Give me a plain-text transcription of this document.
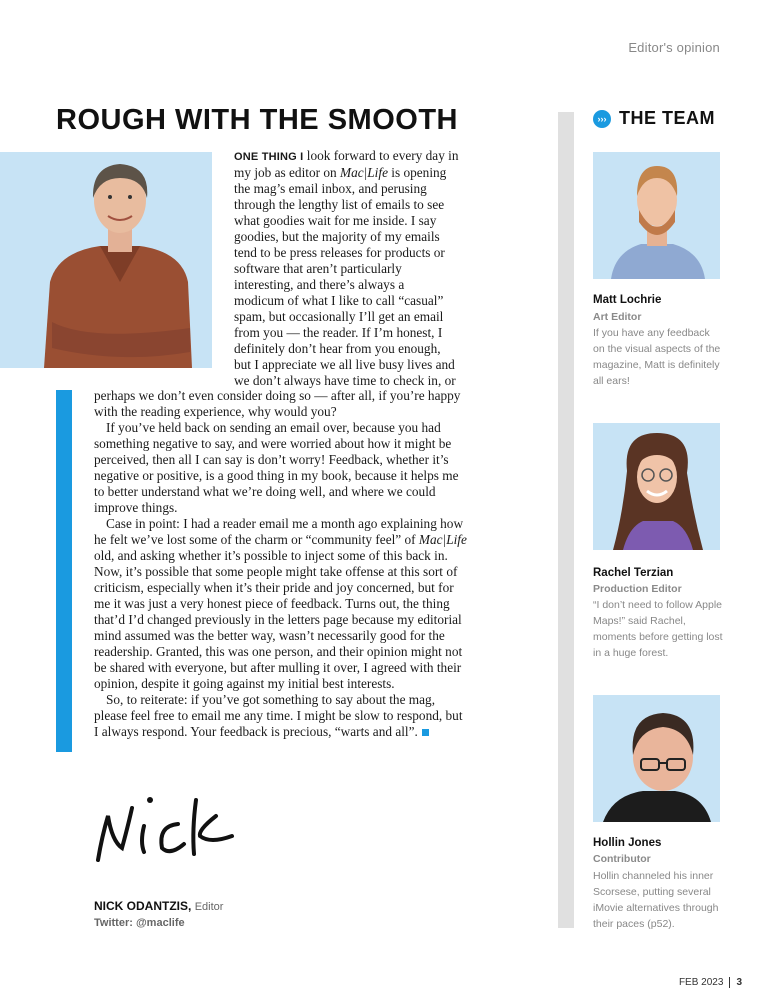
Editor's opinion
ROUGH WITH THE SMOOTH
ONE THING I look forward to every day in
my job as editor on Mac|Life is opening
the mag’s email inbox, and perusing
through the lengthy list of emails to see
what goodies wait for me inside. I say
goodies, but the majority of my emails
tend to be press releases for products or
software that aren’t particularly
interesting, and there’s always a
modicum of what I like to call “casual”
spam, but occasionally I’ll get an email
from you — the reader. If I’m honest, I
definitely don’t hear from you enough,
but I appreciate we all live busy lives and
we don’t always have time to check in, or

perhaps we don’t even consider doing so — after all, if you’re happy with the reading experience, why would you?

If you’ve held back on sending an email over, because you had something negative to say, and were worried about how it might be perceived, then all I can say is don’t worry! Feedback, whether it’s negative or positive, is a good thing in my book, because it helps me to better understand what we’re doing well, and where we could improve things.

Case in point: I had a reader email me a month ago explaining how he felt we’ve lost some of the charm or “community feel” of Mac|Life old, and asking whether it’s possible to inject some of this back in. Now, it’s possible that some people might take offense at this sort of criticism, especially when it’s their pride and joy concerned, but for me it was just a very honest piece of feedback. Turns out, the thing that’d I’d changed previously in the letters page because my editorial mind assumed was the better way, wasn’t necessarily good for the readership. Granted, this was one person, and their opinion might not be shared with everyone, but after mulling it over, I agreed with their opinion, despite it going against my initial best interests.

So, to reiterate: if you’ve got something to say about the mag, please feel free to email me any time. I might be slow to respond, but I always respond. Your feedback is precious, “warts and all”.

NICK ODANTZIS, Editor
Twitter: @maclife
››› THE TEAM
Matt Lochrie
Art Editor
If you have any feedback on the visual aspects of the magazine, Matt is definitely all ears!
Rachel Terzian
Production Editor
“I don’t need to follow Apple Maps!” said Rachel, moments before getting lost in a huge forest.
Hollin Jones
Contributor
Hollin channeled his inner Scorsese, putting several iMovie alternatives through their paces (p52).
FEB 2023	3
